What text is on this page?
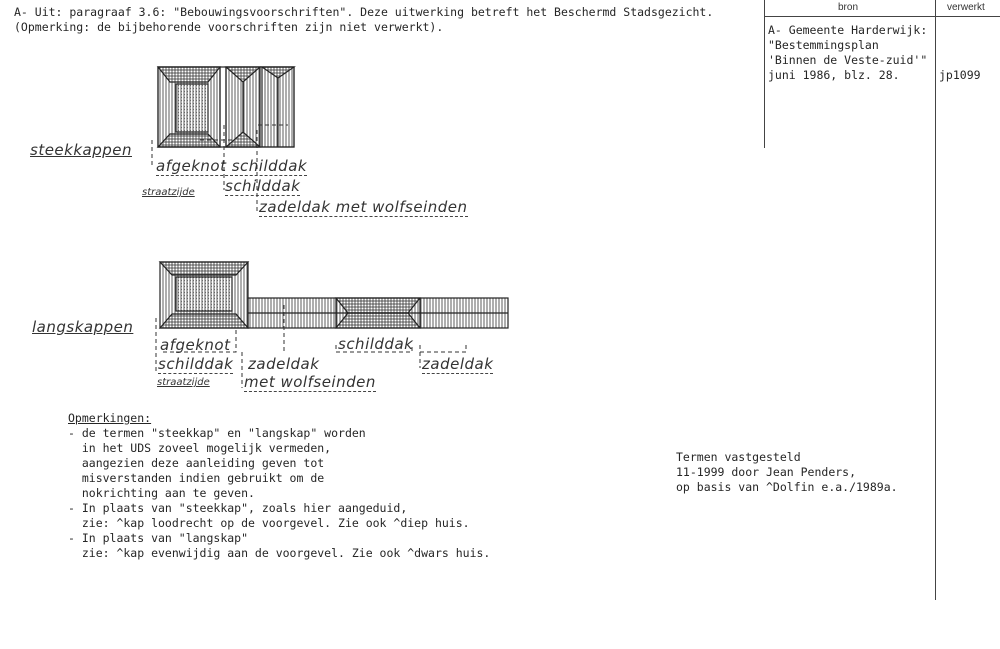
A- Uit: paragraaf 3.6: "Bebouwingsvoorschriften". Deze uitwerking betreft het Beschermd Stadsgezicht.
(Opmerking: de bijbehorende voorschriften zijn niet verwerkt).
bron	verwerkt
A- Gemeente Harderwijk:
"Bestemmingsplan
'Binnen de Veste-zuid'"
juni 1986, blz. 28.	jp1099
steekkappen
afgeknot schilddak
schilddak
zadeldak met wolfseinden
straatzijde
langskappen
afgeknot
schilddak zadeldak
met wolfseinden
schilddak
zadeldak
straatzijde
Opmerkingen:
- de termen "steekkap" en "langskap" worden
in het UDS zoveel mogelijk vermeden,
aangezien deze aanleiding geven tot
misverstanden indien gebruikt om de
nokrichting aan te geven.
- In plaats van "steekkap", zoals hier aangeduid,
zie: ^kap loodrecht op de voorgevel. Zie ook ^diep huis.
- In plaats van "langskap"
zie: ^kap evenwijdig aan de voorgevel. Zie ook ^dwars huis.
Termen vastgesteld
11-1999 door Jean Penders,
op basis van ^Dolfin e.a./1989a.
